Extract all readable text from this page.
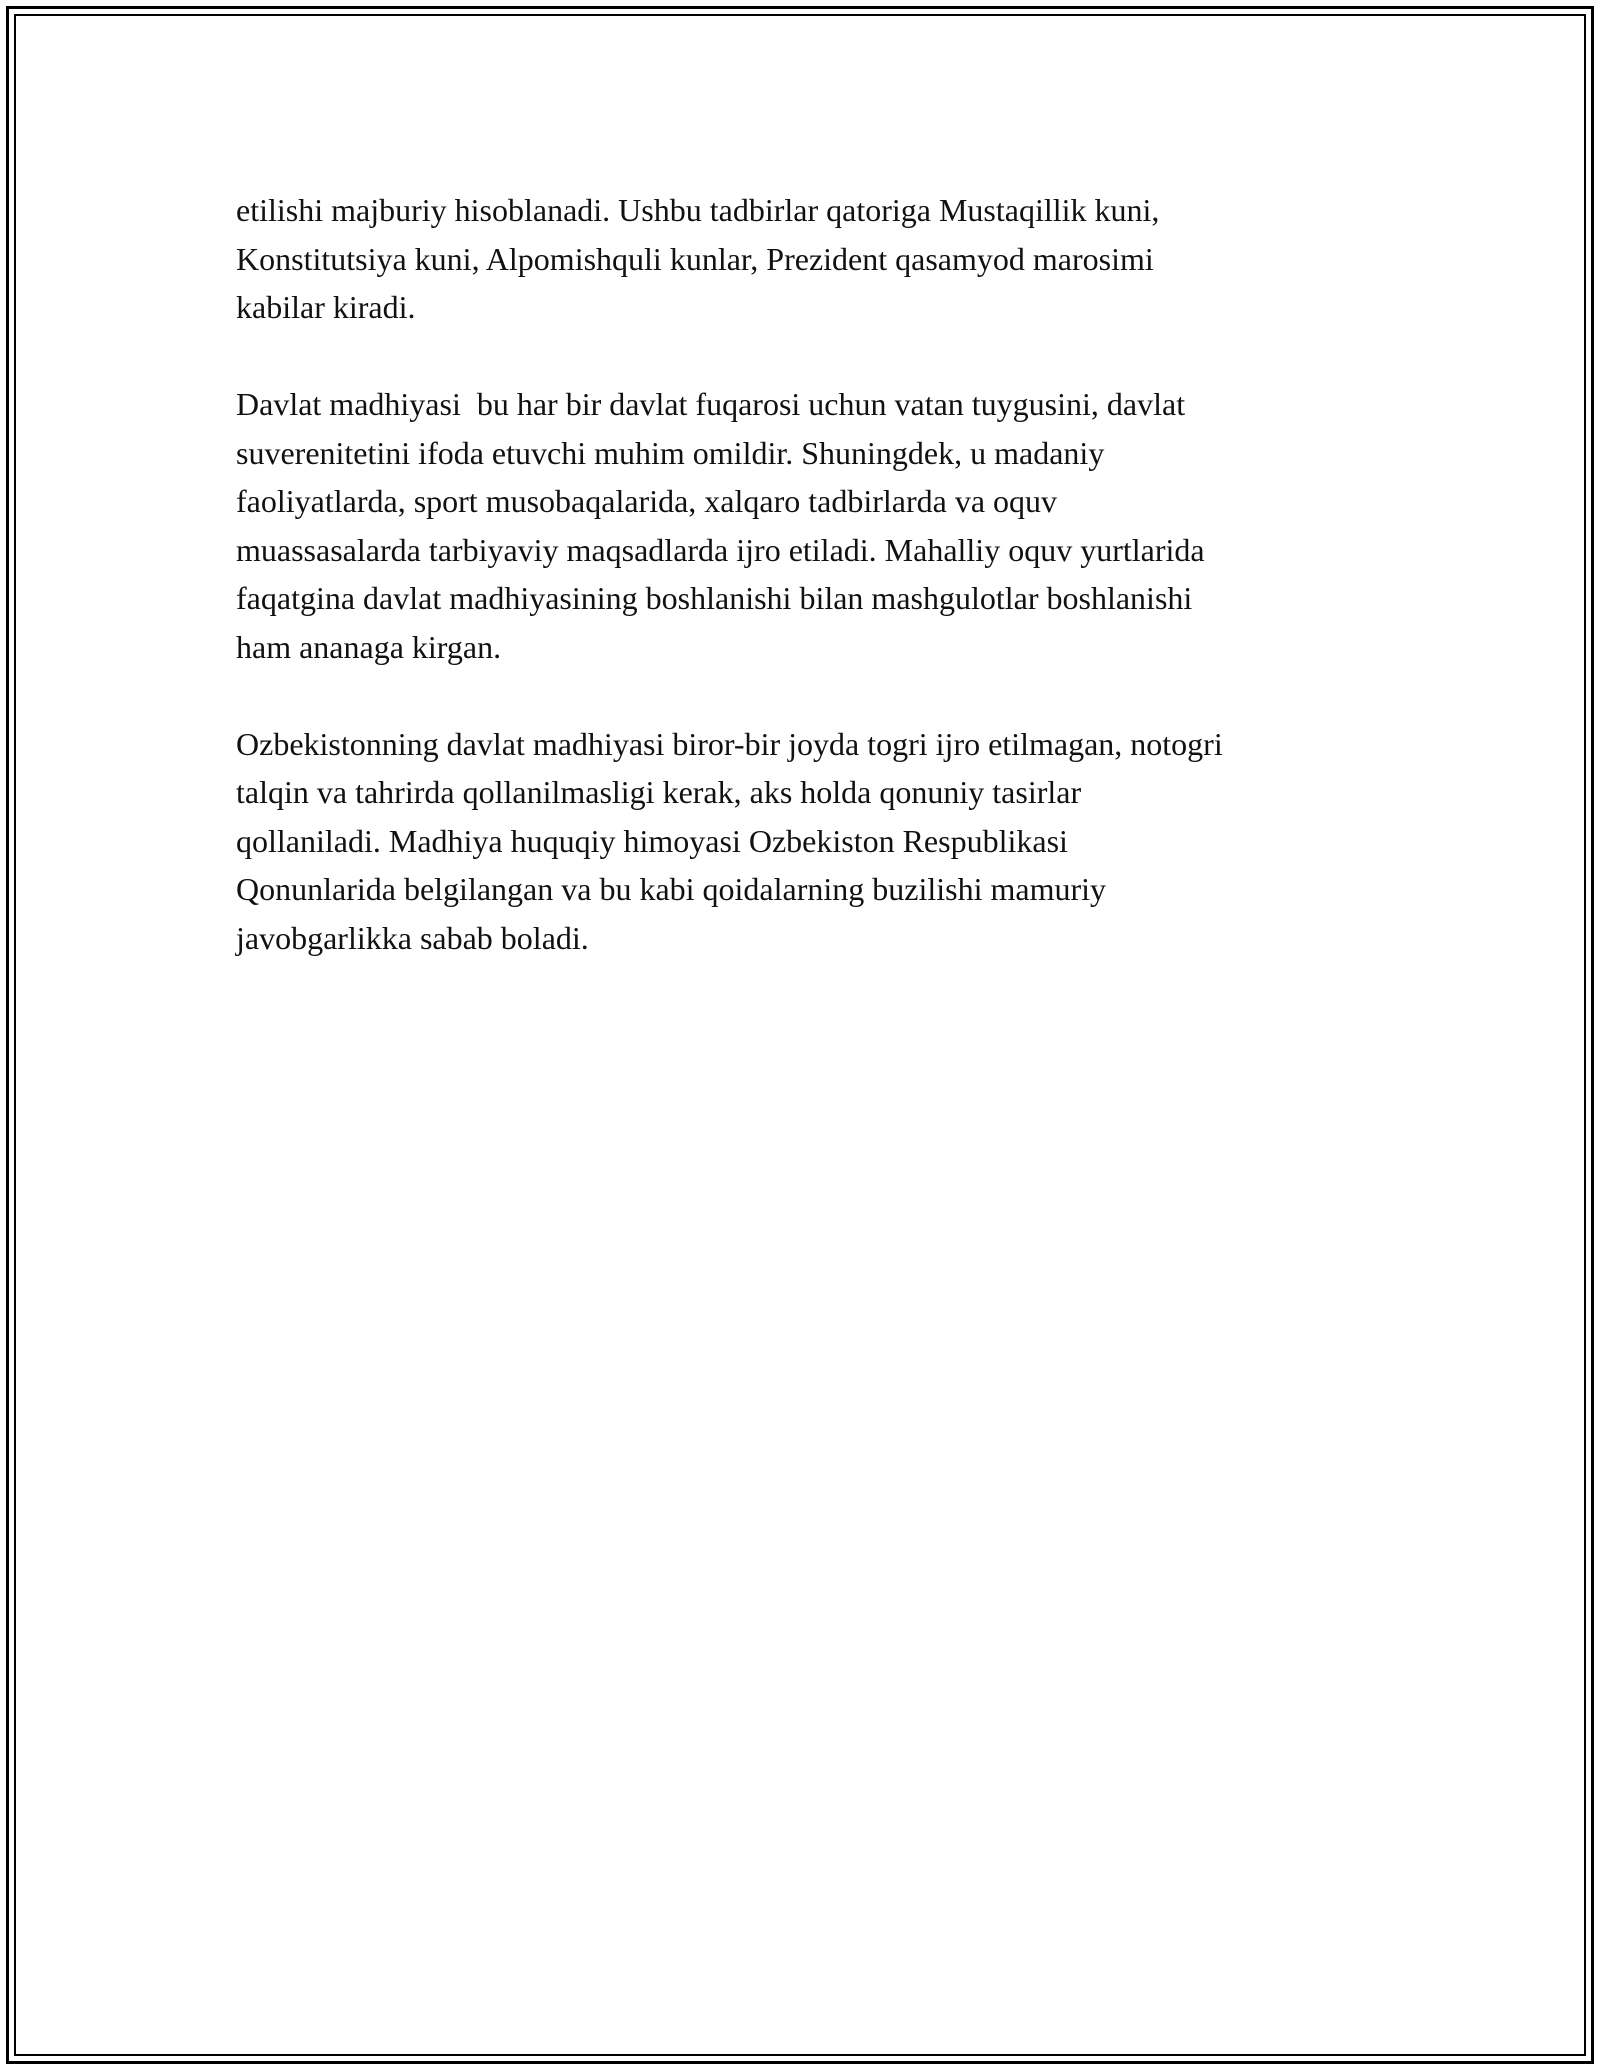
etilishi majburiy hisoblanadi. Ushbu tadbirlar qatoriga Mustaqillik kuni,
Konstitutsiya kuni, Alpomishquli kunlar, Prezident qasamyod marosimi
kabilar kiradi.

Davlat madhiyasi  bu har bir davlat fuqarosi uchun vatan tuygusini, davlat
suverenitetini ifoda etuvchi muhim omildir. Shuningdek, u madaniy
faoliyatlarda, sport musobaqalarida, xalqaro tadbirlarda va oquv
muassasalarda tarbiyaviy maqsadlarda ijro etiladi. Mahalliy oquv yurtlarida
faqatgina davlat madhiyasining boshlanishi bilan mashgulotlar boshlanishi
ham ananaga kirgan.

Ozbekistonning davlat madhiyasi biror-bir joyda togri ijro etilmagan, notogri
talqin va tahrirda qollanilmasligi kerak, aks holda qonuniy tasirlar
qollaniladi. Madhiya huquqiy himoyasi Ozbekiston Respublikasi
Qonunlarida belgilangan va bu kabi qoidalarning buzilishi mamuriy
javobgarlikka sabab boladi.
